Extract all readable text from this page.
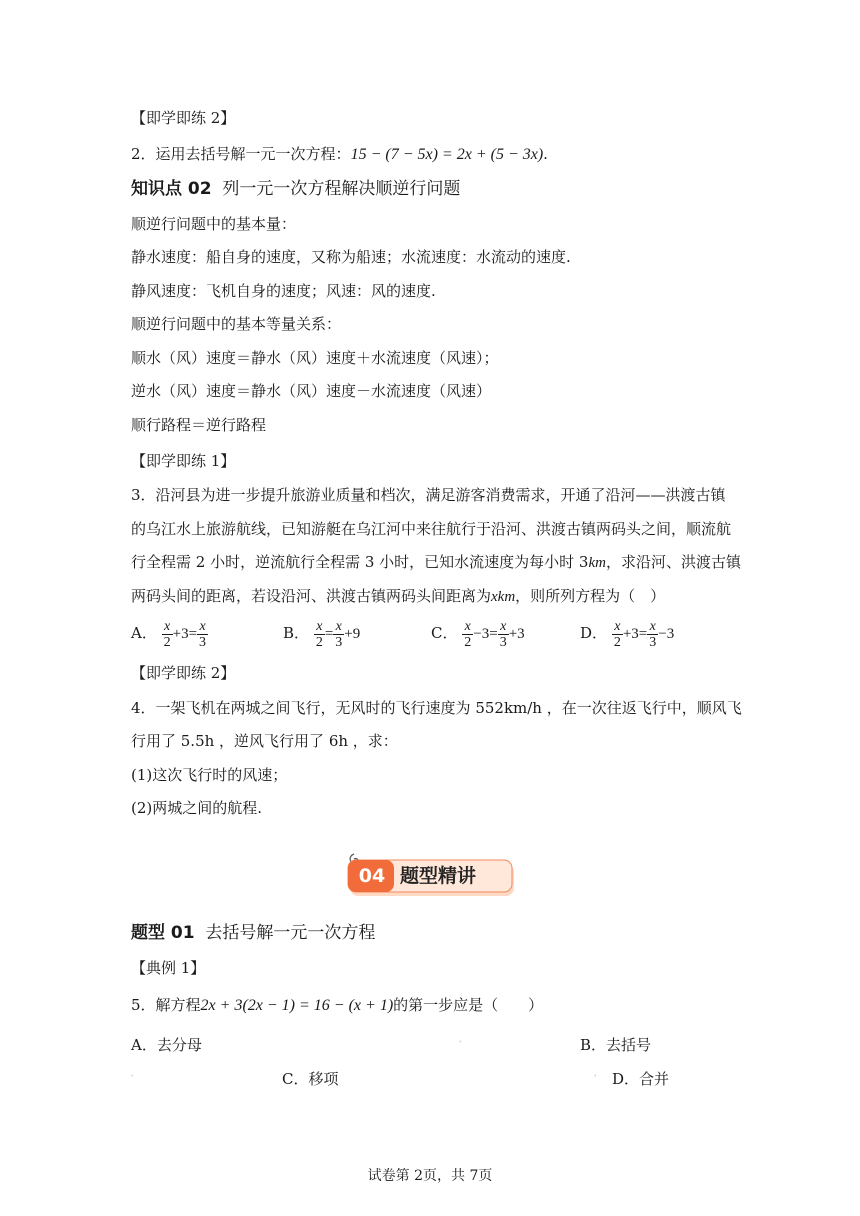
【即学即练 2】
2．运用去括号解一元一次方程：15 − (7 − 5x) = 2x + (5 − 3x).
知识点 02 列一元一次方程解决顺逆行问题
顺逆行问题中的基本量：
静水速度：船自身的速度，又称为船速；水流速度：水流动的速度.
静风速度：飞机自身的速度；风速：风的速度.
顺逆行问题中的基本等量关系：
顺水（风）速度＝静水（风）速度＋水流速度（风速）；
逆水（风）速度＝静水（风）速度－水流速度（风速）
顺行路程＝逆行路程
【即学即练 1】
3．沿河县为进一步提升旅游业质量和档次，满足游客消费需求，开通了沿河——洪渡古镇
的乌江水上旅游航线，已知游艇在乌江河中来往航行于沿河、洪渡古镇两码头之间，顺流航
行全程需 2 小时，逆流航行全程需 3 小时，已知水流速度为每小时 3km，求沿河、洪渡古镇
两码头间的距离，若设沿河、洪渡古镇两码头间距离为xkm，则所列方程为（　）
A． $\frac{x}{2} +3= \frac{x}{3}$	B． $\frac{x}{2} = \frac{x}{3} +9$	C． $\frac{x}{2} -3= \frac{x}{3} +3$	D． $\frac{x}{2} +3= \frac{x}{3} -3$
【即学即练 2】
4．一架飞机在两城之间飞行，无风时的飞行速度为 552km/h ，在一次往返飞行中，顺风飞
行用了 5.5h ，逆风飞行用了 6h ，求：
(1)这次飞行时的风速；
(2)两城之间的航程.
04 题型精讲
题型 01 去括号解一元一次方程
【典例 1】
5．解方程2x + 3(2x − 1) = 16 − (x + 1)的第一步应是（　　）
A．去分母	B．去括号
C．移项	D．合并
ˈ
ˈ	ˈ
试卷第 2页，共 7页
